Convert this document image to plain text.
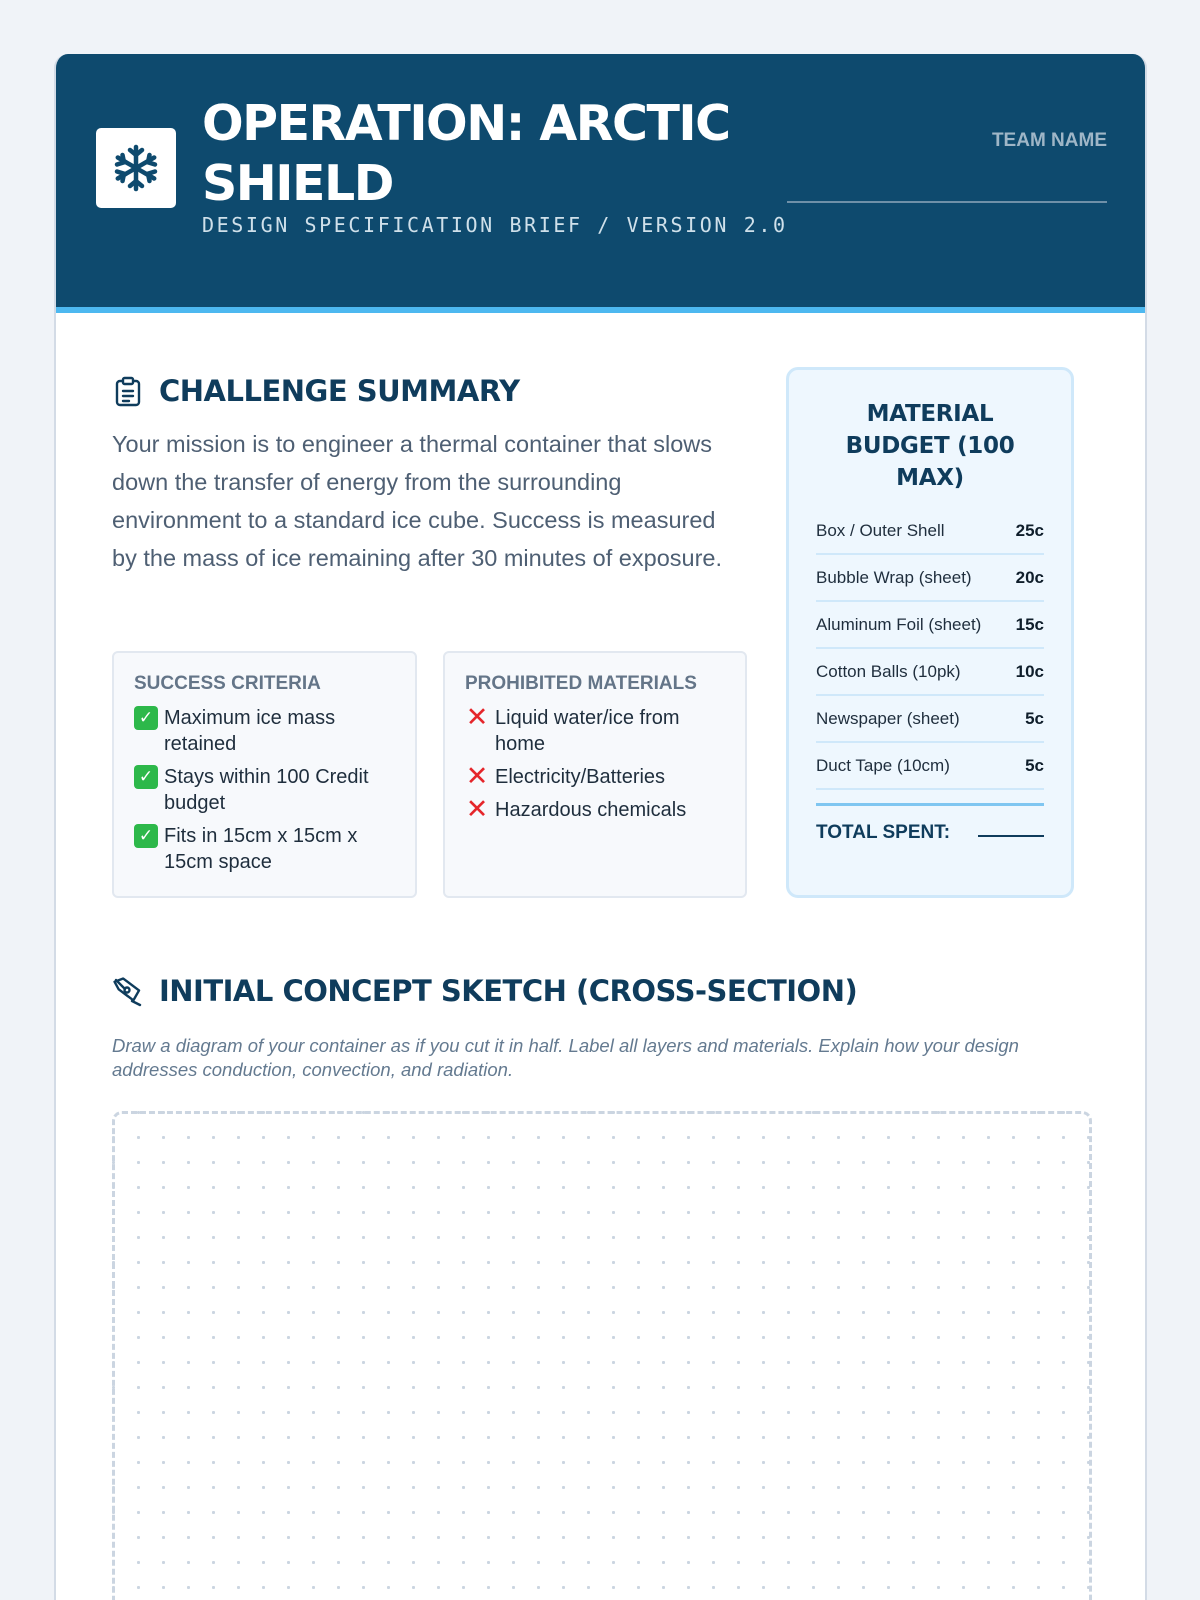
OPERATION: ARCTIC SHIELD
DESIGN SPECIFICATION BRIEF / VERSION 2.0
TEAM NAME
CHALLENGE SUMMARY

Your mission is to engineer a thermal container that slows down the transfer of energy from the surrounding environment to a standard ice cube. Success is measured by the mass of ice remaining after 30 minutes of exposure.

SUCCESS CRITERIA
✓ Maximum ice mass retained
✓ Stays within 100 Credit budget
✓ Fits in 15cm x 15cm x 15cm space
PROHIBITED MATERIALS
✕ Liquid water/ice from home
✕ Electricity/Batteries
✕ Hazardous chemicals
MATERIAL BUDGET (100 MAX)
Box / Outer Shell	25c
Bubble Wrap (sheet)	20c
Aluminum Foil (sheet) 15c
Cotton Balls (10pk)	10c
Newspaper (sheet)	5c
Duct Tape (10cm)	5c
TOTAL SPENT:
INITIAL CONCEPT SKETCH (CROSS-SECTION)

Draw a diagram of your container as if you cut it in half. Label all layers and materials. Explain how your design addresses conduction, convection, and radiation.
